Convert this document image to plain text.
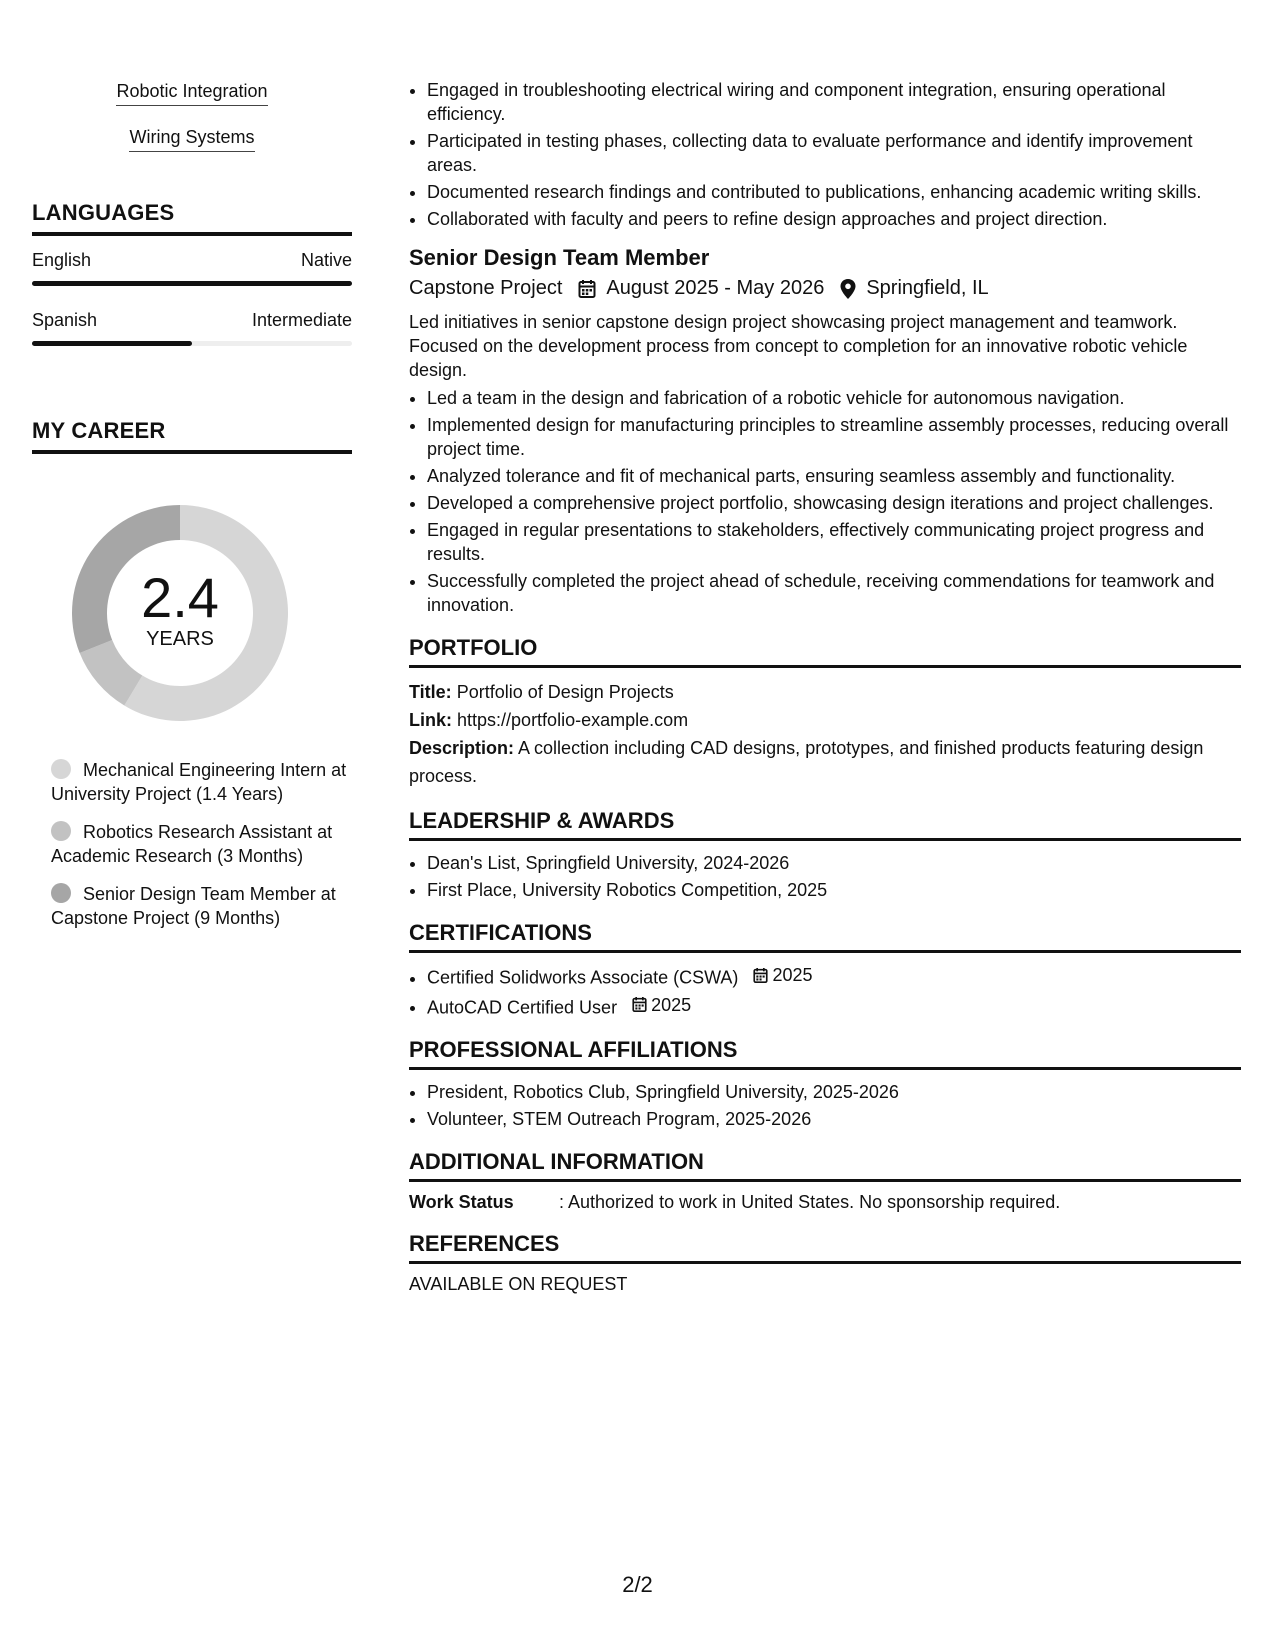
Robotic Integration
Wiring Systems
LANGUAGES
English	Native
Spanish	Intermediate
MY CAREER
2.4
YEARS
Mechanical Engineering Intern at University Project (1.4 Years)
Robotics Research Assistant at Academic Research (3 Months)
Senior Design Team Member at Capstone Project (9 Months)
• Engaged in troubleshooting electrical wiring and component integration, ensuring operational efficiency.
• Participated in testing phases, collecting data to evaluate performance and identify improvement areas.
• Documented research findings and contributed to publications, enhancing academic writing skills.
• Collaborated with faculty and peers to refine design approaches and project direction.
Senior Design Team Member
Capstone Project August 2025 - May 2026 Springfield, IL
Led initiatives in senior capstone design project showcasing project management and teamwork. Focused on the development process from concept to completion for an innovative robotic vehicle design.
• Led a team in the design and fabrication of a robotic vehicle for autonomous navigation.
• Implemented design for manufacturing principles to streamline assembly processes, reducing overall project time.
• Analyzed tolerance and fit of mechanical parts, ensuring seamless assembly and functionality.
• Developed a comprehensive project portfolio, showcasing design iterations and project challenges.
• Engaged in regular presentations to stakeholders, effectively communicating project progress and results.
• Successfully completed the project ahead of schedule, receiving commendations for teamwork and innovation.
PORTFOLIO
Title: Portfolio of Design Projects
Link: https://portfolio-example.com
Description: A collection including CAD designs, prototypes, and finished products featuring design process.
LEADERSHIP & AWARDS
• Dean's List, Springfield University, 2024-2026
• First Place, University Robotics Competition, 2025
CERTIFICATIONS
• Certified Solidworks Associate (CSWA) 2025
• AutoCAD Certified User 2025
PROFESSIONAL AFFILIATIONS
• President, Robotics Club, Springfield University, 2025-2026
• Volunteer, STEM Outreach Program, 2025-2026
ADDITIONAL INFORMATION
Work Status	: Authorized to work in United States. No sponsorship required.
REFERENCES
AVAILABLE ON REQUEST
2/2
